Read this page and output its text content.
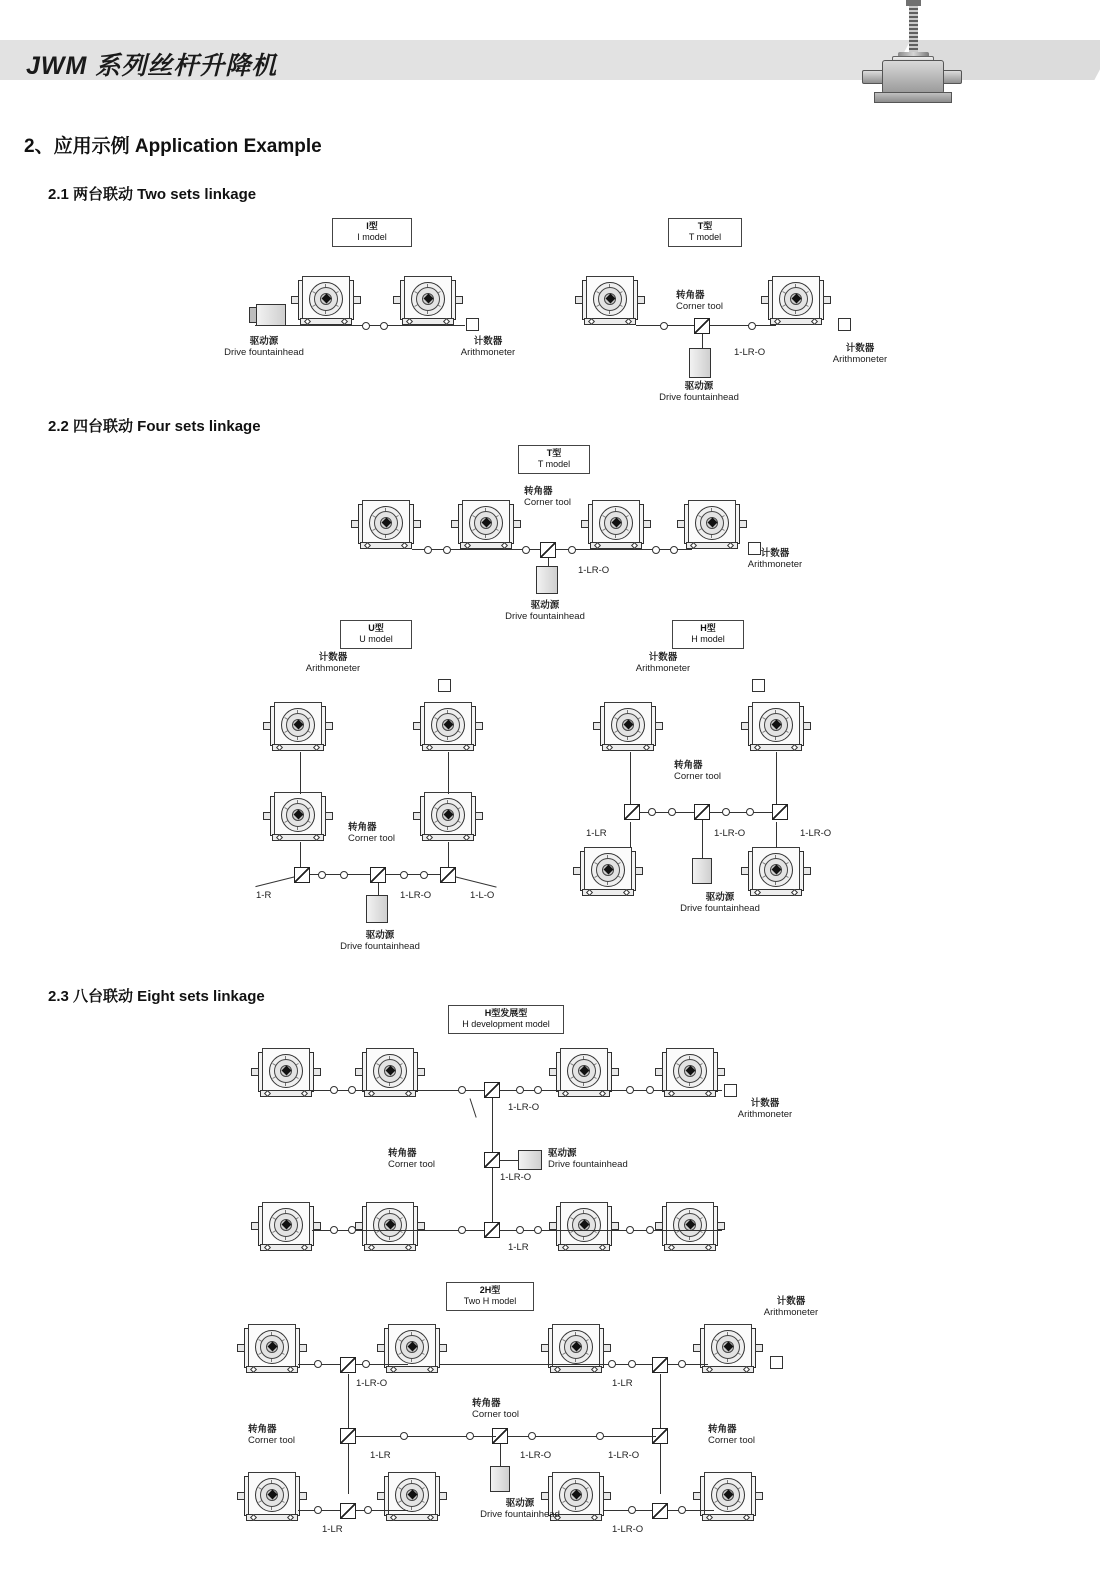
JWM 系列丝杆升降机
2、应用示例 Application Example
2.1 两台联动 Two sets linkage
2.2 四台联动 Four sets linkage
2.3 八台联动 Eight sets linkage
I型
I model
驱动源
Drive fountainhead
计数器
Arithmoneter
T型
T model
转角器
Corner tool
1-LR-O
驱动源
Drive fountainhead
计数器
Arithmoneter
T型
T model
转角器
Corner tool
1-LR-O
驱动源
Drive fountainhead
计数器
Arithmoneter
U型
U model
计数器
Arithmoneter
转角器
Corner tool
1-R	1-LR-O	1-L-O
驱动源
Drive fountainhead
H型
H model
计数器
Arithmoneter
转角器
Corner tool
1-LR	1-LR-O	1-LR-O
驱动源
Drive fountainhead
H型发展型
H development model
1-LR-O	计数器
Arithmoneter
转角器
Corner tool
驱动源
Drive fountainhead
1-LR-O
1-LR
2H型
Two H model	计数器
Arithmoneter
1-LR-O	1-LR
转角器
Corner tool
转角器
Corner tool
转角器
Corner tool
1-LR	1-LR-O	1-LR-O
1-LR	1-LR-O
驱动源
Drive fountainhead
